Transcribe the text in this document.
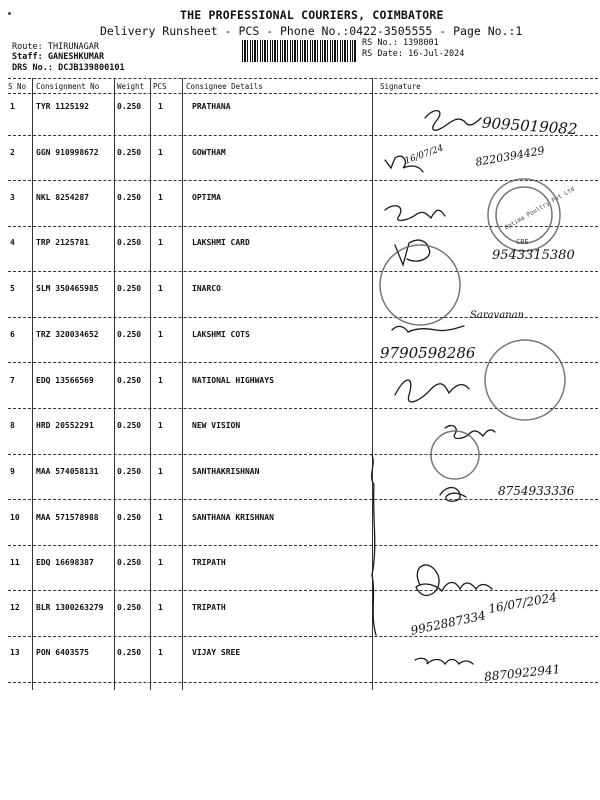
THE PROFESSIONAL COURIERS, COIMBATORE
Delivery Runsheet - PCS - Phone No.:0422-3505555 - Page No.:1
Route: THIRUNAGAR
Staff: GANESHKUMAR
DRS No.: DCJB139800101
RS No.: 1398001
RS Date: 16-Jul-2024
S No Consignment No Weight PCS	Consignee Details	Signature
1	TYR 1125192	0.250 1	PRATHANA
2	GGN 910998672 0.250 1	GOWTHAM
3	NKL 8254287	0.250 1	OPTIMA
4	TRP 2125781	0.250 1	LAKSHMI CARD
5	SLM 350465985 0.250 1	INARCO
6	TRZ 320034652 0.250 1	LAKSHMI COTS
7	EDQ 13566569	0.250 1	NATIONAL HIGHWAYS
8	HRD 20552291	0.250 1	NEW VISION
9	MAA 574058131 0.250 1	SANTHAKRISHNAN
10 MAA 571578988 0.250 1	SANTHANA KRISHNAN
11 EDQ 16698387	0.250 1	TRIPATH
12 BLR 1300263279 0.250 1	TRIPATH
13 PON 6403575	0.250 1	VIJAY SREE
9095019082
16/07/24	8220394429
9543315380
Saravanan
9790598286
8754933336
9952887334
16/07/2024
8870922941
Optima Poultry Pvt Ltd
CBE
